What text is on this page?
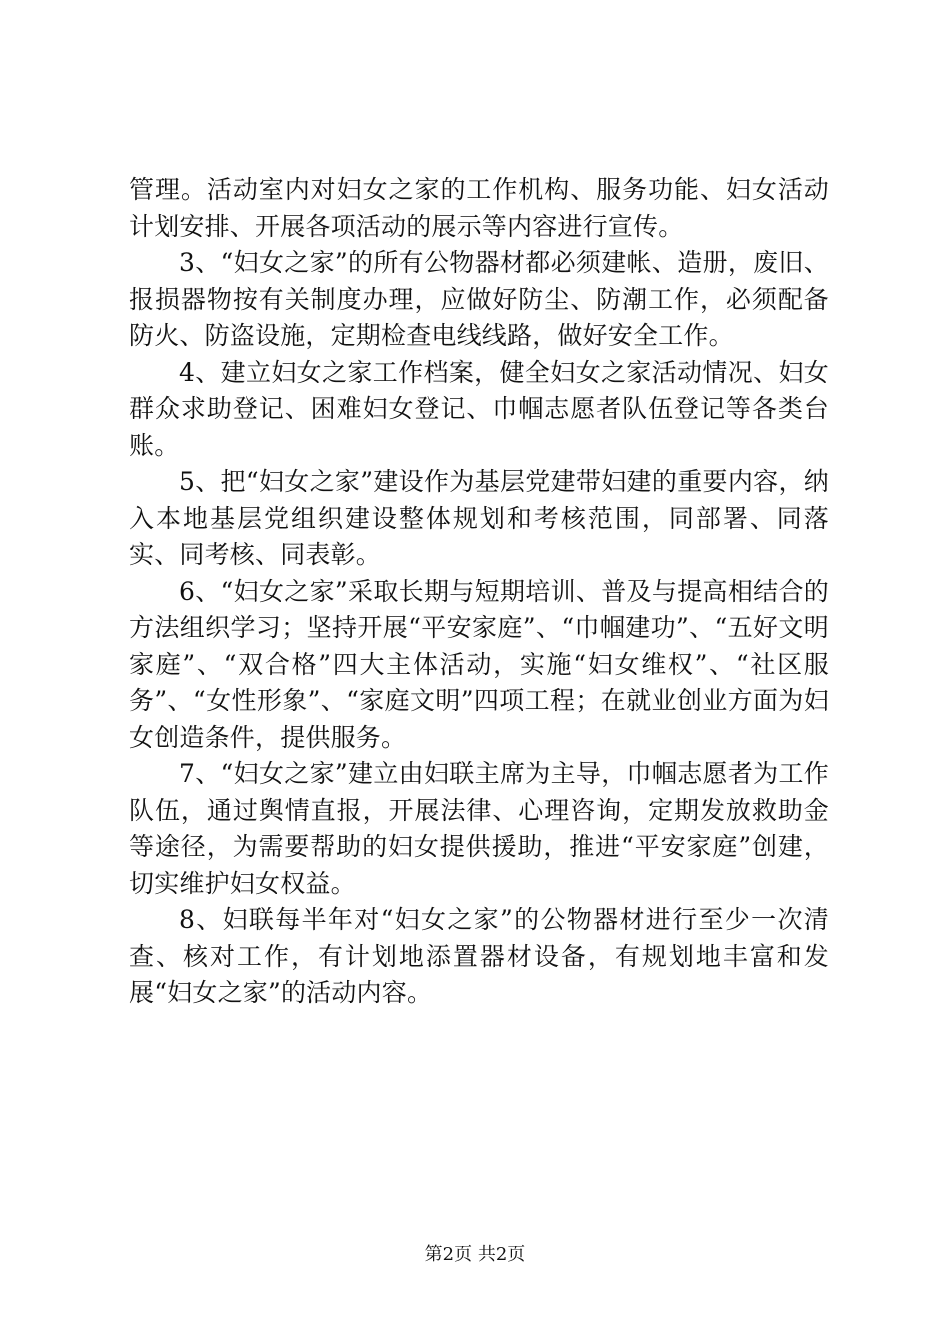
管理。活动室内对妇女之家的工作机构、服务功能、妇女活动计划安排、开展各项活动的展示等内容进行宣传。

3、“妇女之家”的所有公物器材都必须建帐、造册，废旧、报损器物按有关制度办理，应做好防尘、防潮工作，必须配备防火、防盗设施，定期检查电线线路，做好安全工作。

4、建立妇女之家工作档案，健全妇女之家活动情况、妇女群众求助登记、困难妇女登记、巾帼志愿者队伍登记等各类台账。

5、把“妇女之家”建设作为基层党建带妇建的重要内容，纳入本地基层党组织建设整体规划和考核范围，同部署、同落实、同考核、同表彰。

6、“妇女之家”采取长期与短期培训、普及与提高相结合的方法组织学习；坚持开展“平安家庭”、“巾帼建功”、“五好文明家庭”、“双合格”四大主体活动，实施“妇女维权”、“社区服务”、“女性形象”、“家庭文明”四项工程；在就业创业方面为妇女创造条件，提供服务。

7、“妇女之家”建立由妇联主席为主导，巾帼志愿者为工作队伍，通过舆情直报，开展法律、心理咨询，定期发放救助金等途径，为需要帮助的妇女提供援助，推进“平安家庭”创建，切实维护妇女权益。

8、妇联每半年对“妇女之家”的公物器材进行至少一次清查、核对工作，有计划地添置器材设备，有规划地丰富和发展“妇女之家”的活动内容。

第2页 共2页
